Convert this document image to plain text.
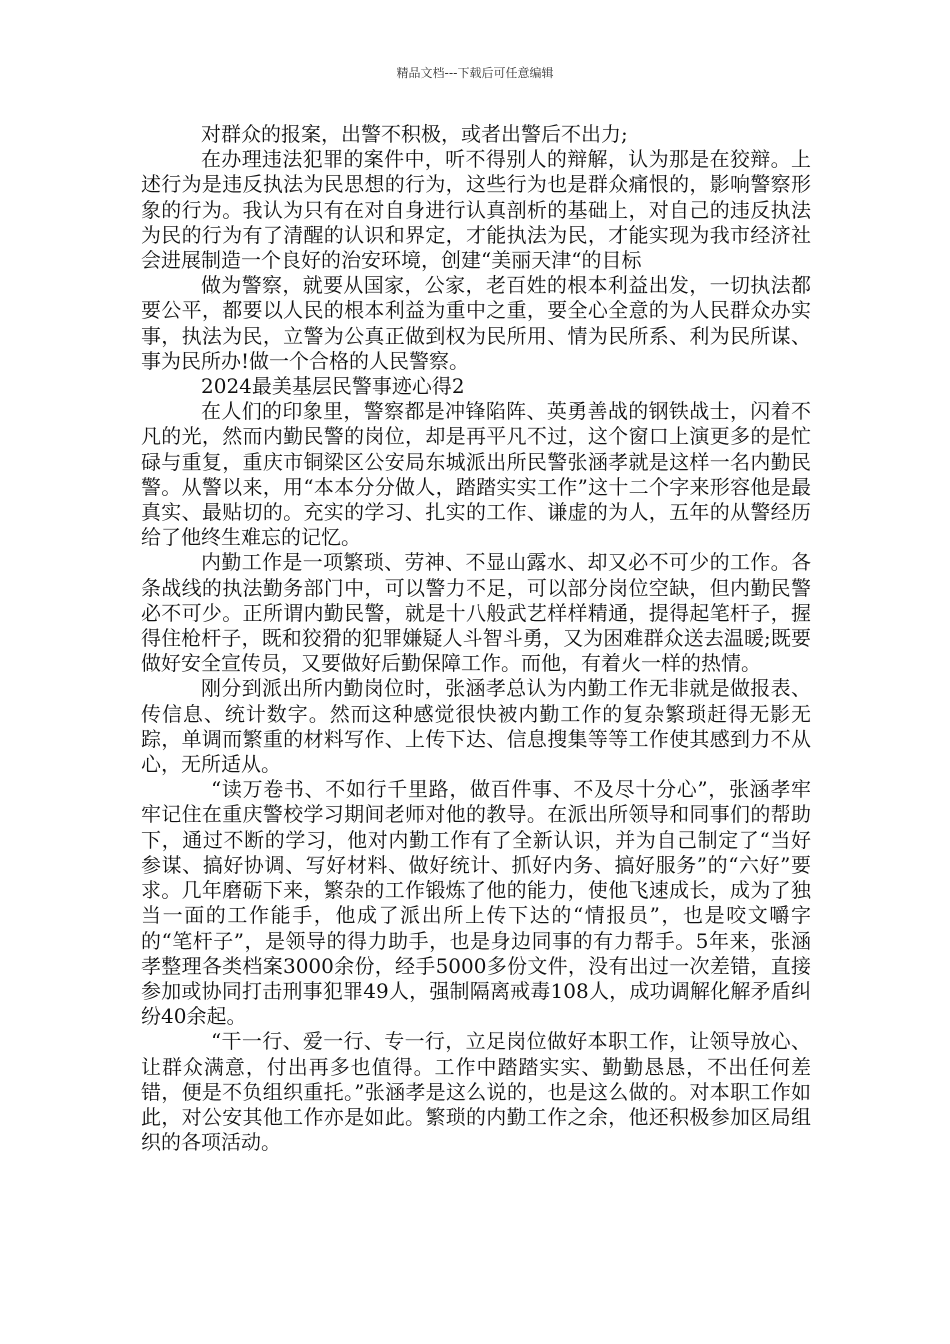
精品文档---下载后可任意编辑

对群众的报案，出警不积极，或者出警后不出力;

在办理违法犯罪的案件中，听不得别人的辩解，认为那是在狡辩。上述行为是违反执法为民思想的行为，这些行为也是群众痛恨的，影响警察形象的行为。我认为只有在对自身进行认真剖析的基础上，对自己的违反执法为民的行为有了清醒的认识和界定，才能执法为民，才能实现为我市经济社会进展制造一个良好的治安环境，创建“美丽天津“的目标

做为警察，就要从国家，公家，老百姓的根本利益出发，一切执法都要公平，都要以人民的根本利益为重中之重，要全心全意的为人民群众办实事，执法为民，立警为公真正做到权为民所用、情为民所系、利为民所谋、事为民所办!做一个合格的人民警察。

2024最美基层民警事迹心得2

在人们的印象里，警察都是冲锋陷阵、英勇善战的钢铁战士，闪着不凡的光，然而内勤民警的岗位，却是再平凡不过，这个窗口上演更多的是忙碌与重复，重庆市铜梁区公安局东城派出所民警张涵孝就是这样一名内勤民警。从警以来，用“本本分分做人，踏踏实实工作”这十二个字来形容他是最真实、最贴切的。充实的学习、扎实的工作、谦虚的为人，五年的从警经历给了他终生难忘的记忆。

内勤工作是一项繁琐、劳神、不显山露水、却又必不可少的工作。各条战线的执法勤务部门中，可以警力不足，可以部分岗位空缺，但内勤民警必不可少。正所谓内勤民警，就是十八般武艺样样精通，提得起笔杆子，握得住枪杆子，既和狡猾的犯罪嫌疑人斗智斗勇，又为困难群众送去温暖;既要做好安全宣传员，又要做好后勤保障工作。而他，有着火一样的热情。

刚分到派出所内勤岗位时，张涵孝总认为内勤工作无非就是做报表、传信息、统计数字。然而这种感觉很快被内勤工作的复杂繁琐赶得无影无踪，单调而繁重的材料写作、上传下达、信息搜集等等工作使其感到力不从心，无所适从。

“读万卷书、不如行千里路，做百件事、不及尽十分心”，张涵孝牢牢记住在重庆警校学习期间老师对他的教导。在派出所领导和同事们的帮助下，通过不断的学习，他对内勤工作有了全新认识，并为自己制定了“当好参谋、搞好协调、写好材料、做好统计、抓好内务、搞好服务”的“六好”要求。几年磨砺下来，繁杂的工作锻炼了他的能力，使他飞速成长，成为了独当一面的工作能手，他成了派出所上传下达的“情报员”，也是咬文嚼字的“笔杆子”，是领导的得力助手，也是身边同事的有力帮手。5年来，张涵孝整理各类档案3000余份，经手5000多份文件，没有出过一次差错，直接参加或协同打击刑事犯罪49人，强制隔离戒毒108人，成功调解化解矛盾纠纷40余起。

“干一行、爱一行、专一行，立足岗位做好本职工作，让领导放心、让群众满意，付出再多也值得。工作中踏踏实实、勤勤恳恳，不出任何差错，便是不负组织重托。”张涵孝是这么说的，也是这么做的。对本职工作如此，对公安其他工作亦是如此。繁琐的内勤工作之余，他还积极参加区局组织的各项活动。
